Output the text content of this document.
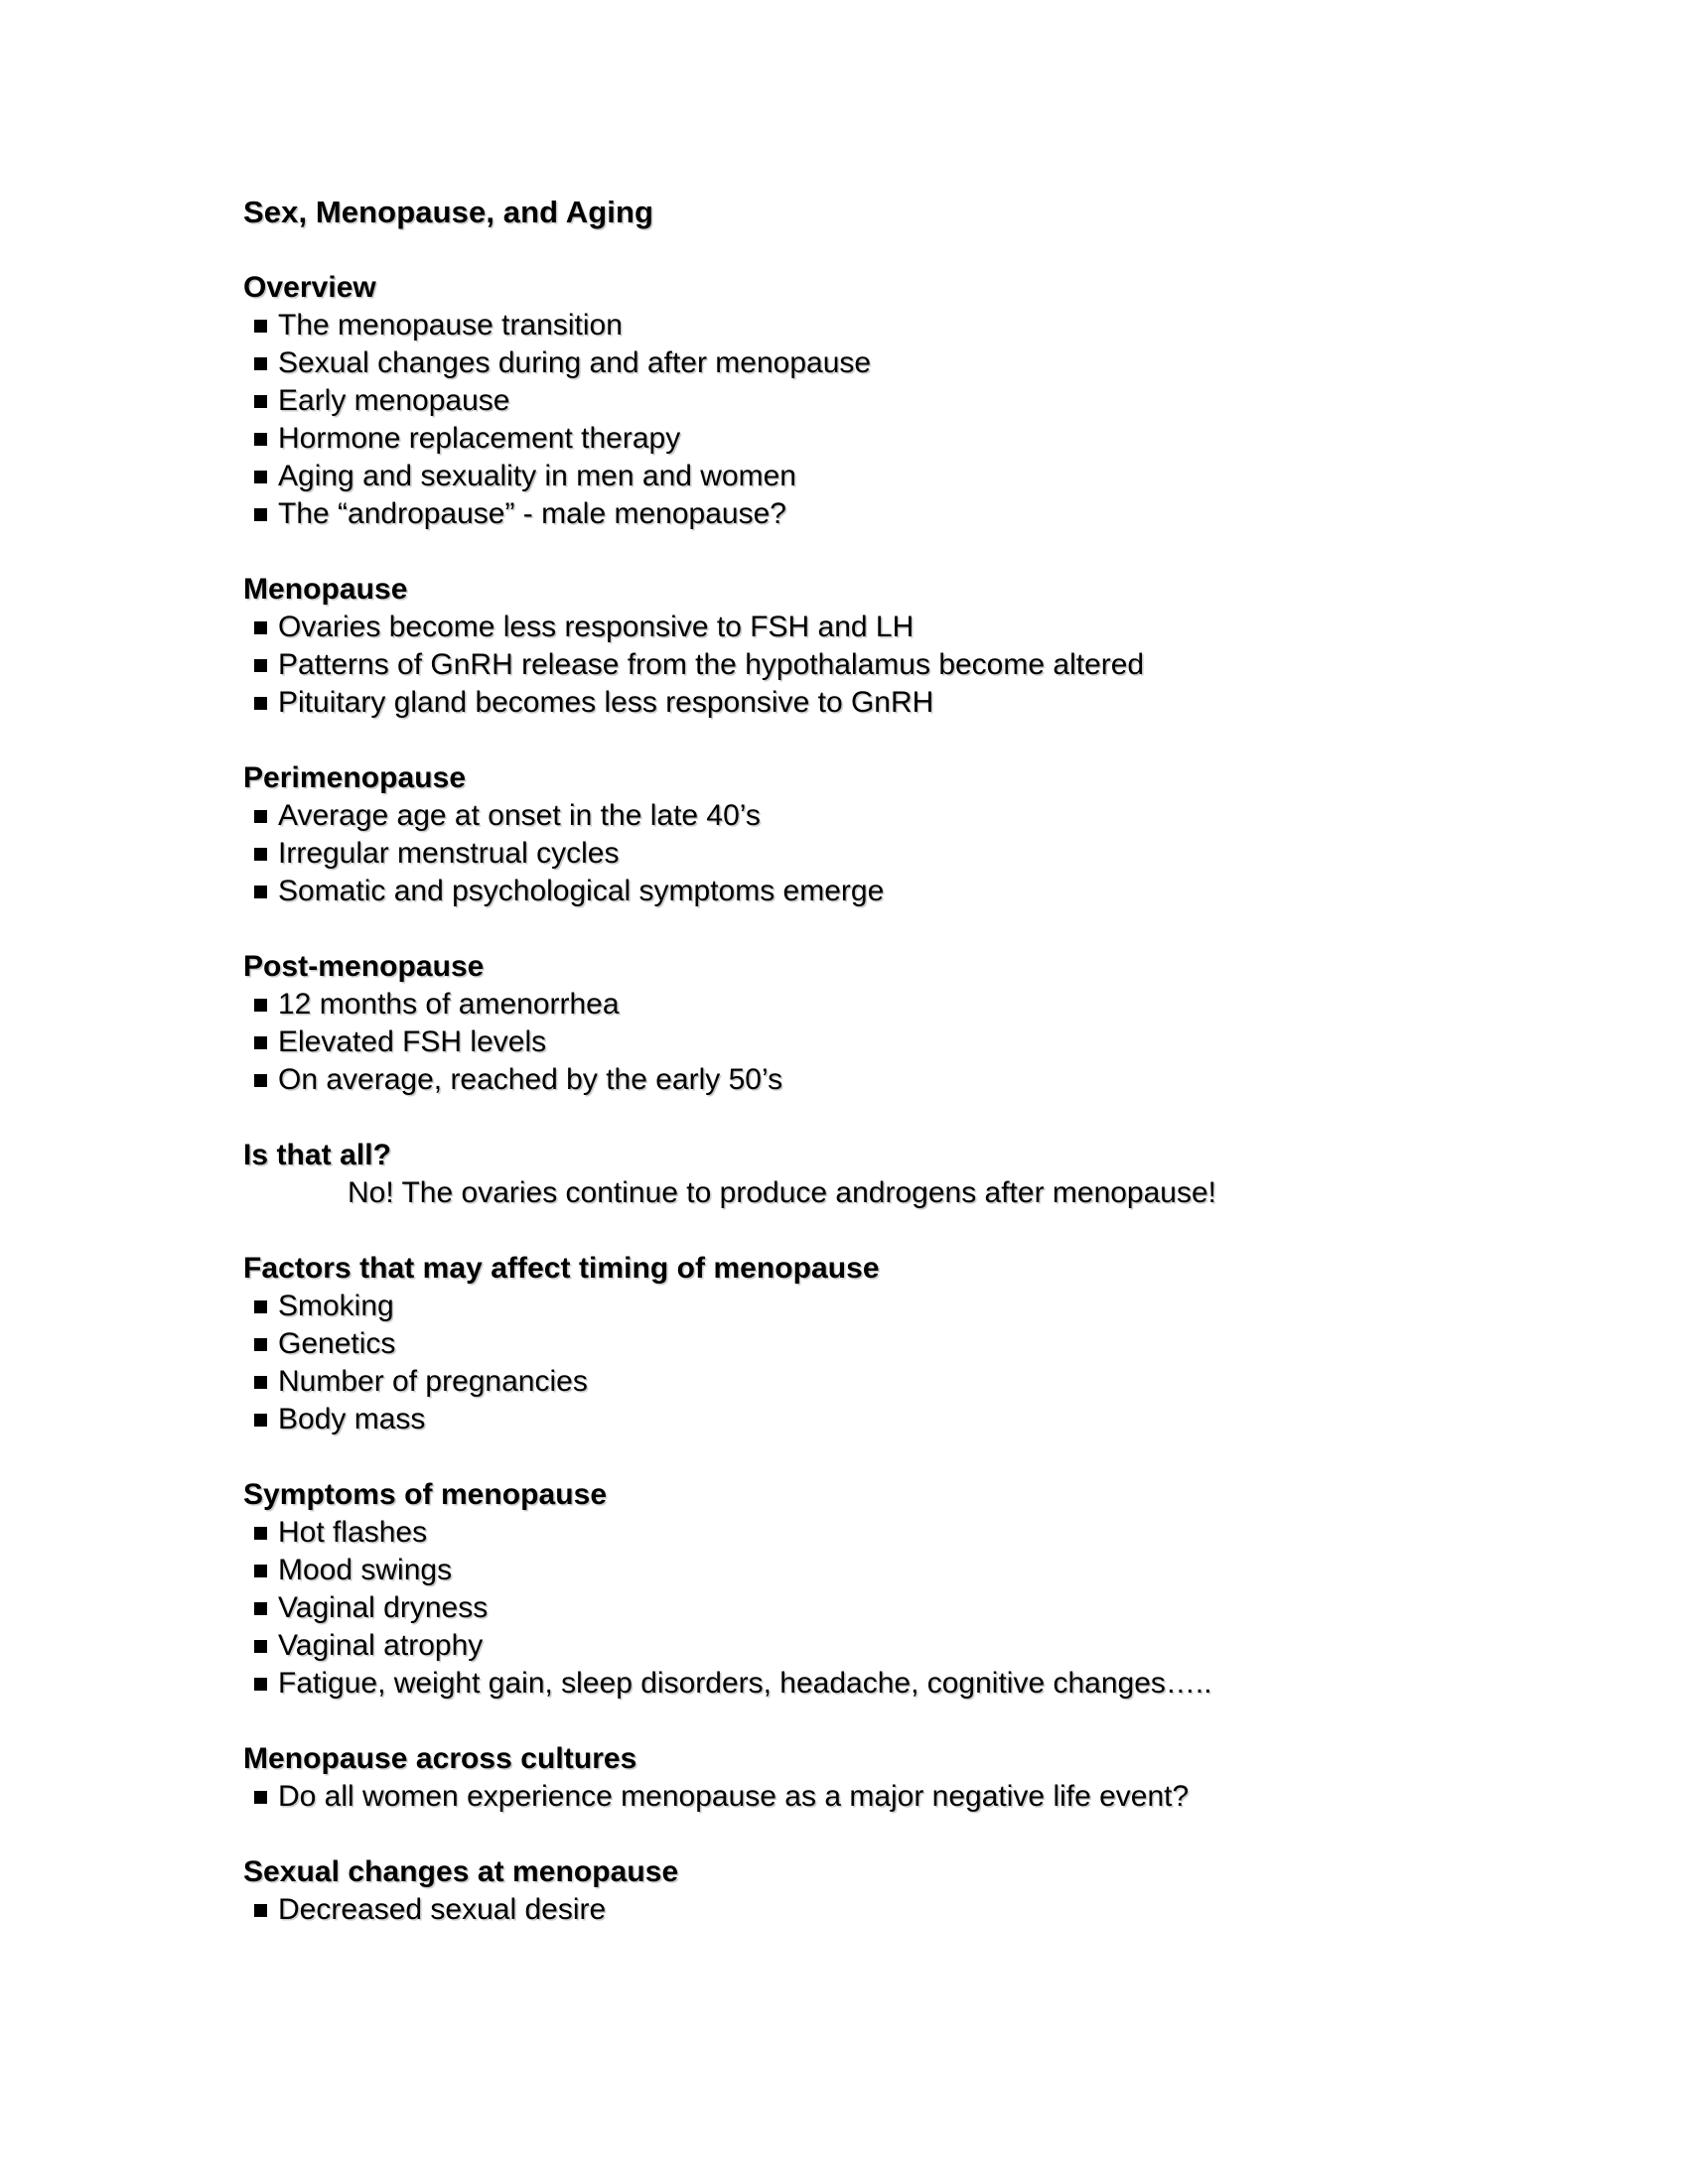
Sex, Menopause, and Aging
Overview
The menopause transition
Sexual changes during and after menopause
Early menopause
Hormone replacement therapy
Aging and sexuality in men and women
The “andropause” - male menopause?
Menopause
Ovaries become less responsive to FSH and LH
Patterns of GnRH release from the hypothalamus become altered
Pituitary gland becomes less responsive to GnRH
Perimenopause
Average age at onset in the late 40’s
Irregular menstrual cycles
Somatic and psychological symptoms emerge
Post-menopause
12 months of amenorrhea
Elevated FSH levels
On average, reached by the early 50’s
Is that all?
No! The ovaries continue to produce androgens after menopause!
Factors that may affect timing of menopause
Smoking
Genetics
Number of pregnancies
Body mass
Symptoms of menopause
Hot flashes
Mood swings
Vaginal dryness
Vaginal atrophy
Fatigue, weight gain, sleep disorders, headache, cognitive changes…..
Menopause across cultures
Do all women experience menopause as a major negative life event?
Sexual changes at menopause
Decreased sexual desire
